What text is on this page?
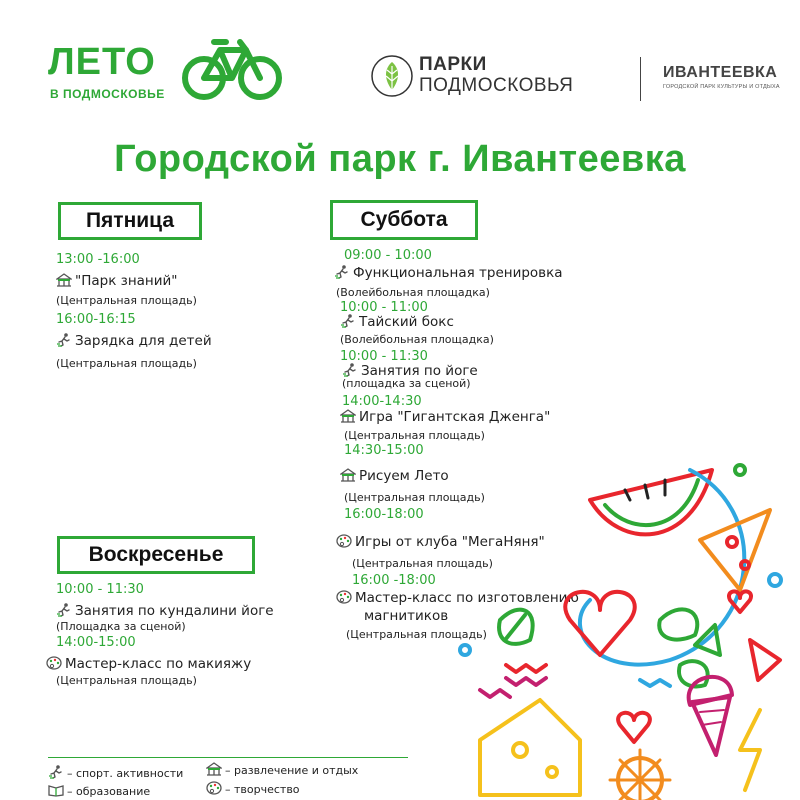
ЛЕТО
В ПОДМОСКОВЬЕ
ПАРКИ
ПОДМОСКОВЬЯ
ИВАНТЕЕВКА
ГОРОДСКОЙ ПАРК КУЛЬТУРЫ И ОТДЫХА
Городской парк г. Ивантеевка
Пятница
13:00 -16:00
"Парк знаний"
(Центральная площадь)
16:00-16:15
Зарядка для детей
(Центральная площадь)
Суббота
09:00 - 10:00
Функциональная тренировка
(Волейбольная площадка)
10:00 - 11:00
Тайский бокс
(Волейбольная площадка)
10:00 - 11:30
Занятия по йоге
(площадка за сценой)
14:00-14:30
Игра "Гигантская Дженга"
(Центральная площадь)
14:30-15:00
Рисуем Лето
(Центральная площадь)
16:00-18:00
Игры от клуба "МегаНяня"
(Центральная площадь)
16:00 -18:00
Мастер-класс по изготовлению
магнитиков
(Центральная площадь)
Воскресенье
10:00 - 11:30
Занятия по кундалини йоге
(Площадка за сценой)
14:00-15:00
Мастер-класс по макияжу
(Центральная площадь)
– спорт. активности
– образование
– развлечение и отдых
– творчество
